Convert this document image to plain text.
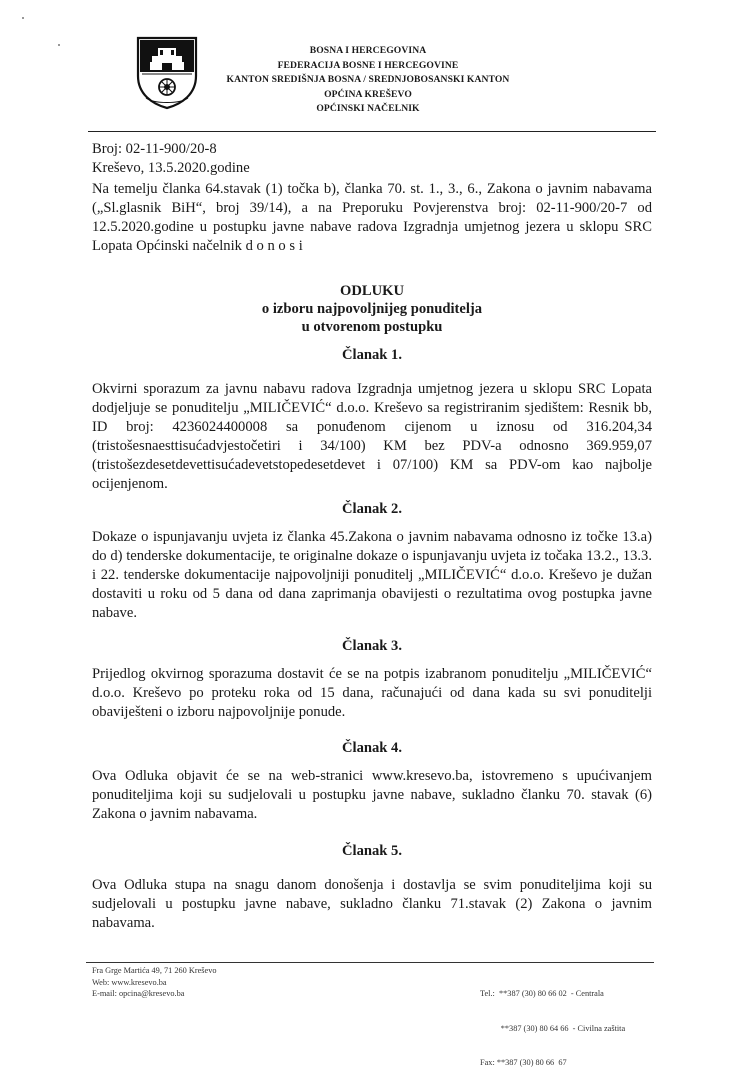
BOSNA I HERCEGOVINA
FEDERACIJA BOSNE I HERCEGOVINE
KANTON SREDIŠNJA BOSNA / SREDNJOBOSANSKI KANTON
OPĆINA KREŠEVO
OPĆINSKI NAČELNIK
Broj: 02-11-900/20-8
Kreševo, 13.5.2020.godine
Na temelju članka 64.stavak (1) točka b), članka 70. st. 1., 3., 6., Zakona o javnim nabavama („Sl.glasnik BiH“, broj 39/14), a na Preporuku Povjerenstva broj: 02-11-900/20-7 od 12.5.2020.godine u postupku javne nabave radova Izgradnja umjetnog jezera u sklopu SRC Lopata Općinski načelnik d o n o s i
ODLUKU
o izboru najpovoljnijeg ponuditelja
u otvorenom postupku
Članak 1.
Okvirni sporazum za javnu nabavu radova Izgradnja umjetnog jezera u sklopu SRC Lopata dodjeljuje se ponuditelju „MILIČEVIĆ“ d.o.o. Kreševo sa registriranim sjedištem: Resnik bb, ID broj: 4236024400008 sa ponuđenom cijenom u iznosu od 316.204,34 (tristošesnaesttisućadvjestočetiri i 34/100) KM bez PDV-a odnosno 369.959,07 (tristošezdesetdevettisućadevetstopedesetdevet i 07/100) KM sa PDV-om kao najbolje ocijenjenom.
Članak 2.
Dokaze o ispunjavanju uvjeta iz članka 45.Zakona o javnim nabavama odnosno iz točke 13.a) do d) tenderske dokumentacije, te originalne dokaze o ispunjavanju uvjeta iz točaka 13.2., 13.3. i 22. tenderske dokumentacije najpovoljniji ponuditelj „MILIČEVIĆ“ d.o.o. Kreševo je dužan dostaviti u roku od 5 dana od dana zaprimanja obavijesti o rezultatima ovog postupka javne nabave.
Članak 3.
Prijedlog okvirnog sporazuma dostavit će se na potpis izabranom ponuditelju „MILIČEVIĆ“ d.o.o. Kreševo po proteku roka od 15 dana, računajući od dana kada su svi ponuditelji obaviješteni o izboru najpovoljnije ponude.
Članak 4.
Ova Odluka objavit će se na web-stranici www.kresevo.ba, istovremeno s upućivanjem ponuditeljima koji su sudjelovali u postupku javne nabave, sukladno članku 70. stavak (6) Zakona o javnim nabavama.
Članak 5.
Ova Odluka stupa na snagu danom donošenja i dostavlja se svim ponuditeljima koji su sudjelovali u postupku javne nabave, sukladno članku 71.stavak (2) Zakona o javnim nabavama.
Fra Grge Martića 49, 71 260 Kreševo
Web: www.kresevo.ba
E-mail: opcina@kresevo.ba

	Tel.:  **387 (30) 80 66 02  - Centrala

**387 (30) 80 64 66  - Civilna zaštita

Fax: **387 (30) 80 66  67
